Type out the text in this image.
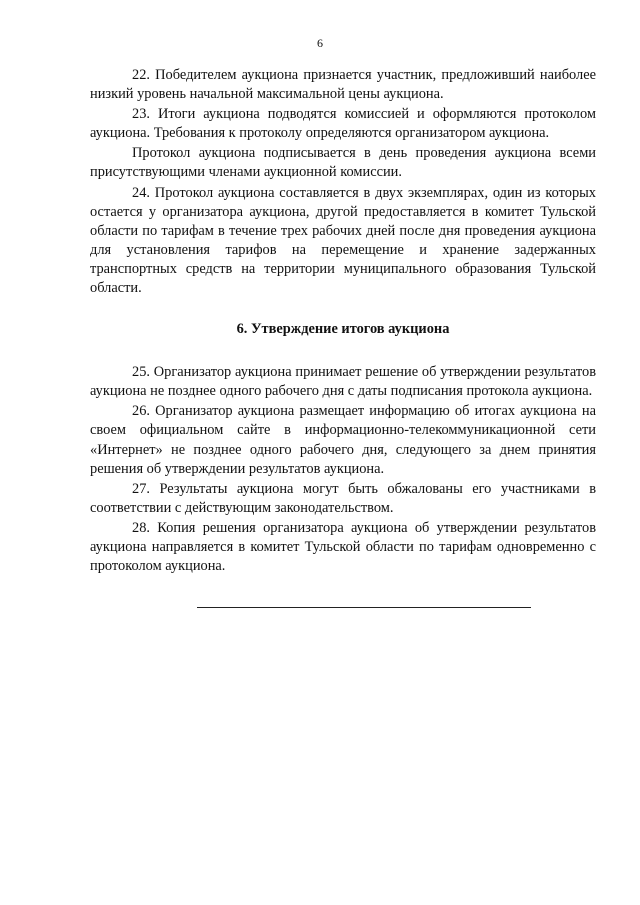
6

22. Победителем аукциона признается участник, предложивший наиболее низкий уровень начальной максимальной цены аукциона.

23. Итоги аукциона подводятся комиссией и оформляются протоколом аукциона. Требования к протоколу определяются организатором аукциона.

Протокол аукциона подписывается в день проведения аукциона всеми присутствующими членами аукционной комиссии.

24. Протокол аукциона составляется в двух экземплярах, один из которых остается у организатора аукциона, другой предоставляется в комитет Тульской области по тарифам в течение трех рабочих дней после дня проведения аукциона для установления тарифов на перемещение и хранение задержанных транспортных средств на территории муниципального образования Тульской области.

6. Утверждение итогов аукциона

25. Организатор аукциона принимает решение об утверждении результатов аукциона не позднее одного рабочего дня с даты подписания протокола аукциона.

26. Организатор аукциона размещает информацию об итогах аукциона на своем официальном сайте в информационно-телекоммуникационной сети «Интернет» не позднее одного рабочего дня, следующего за днем принятия решения об утверждении результатов аукциона.

27. Результаты аукциона могут быть обжалованы его участниками в соответствии с действующим законодательством.

28. Копия решения организатора аукциона об утверждении результатов аукциона направляется в комитет Тульской области по тарифам одновременно с протоколом аукциона.
